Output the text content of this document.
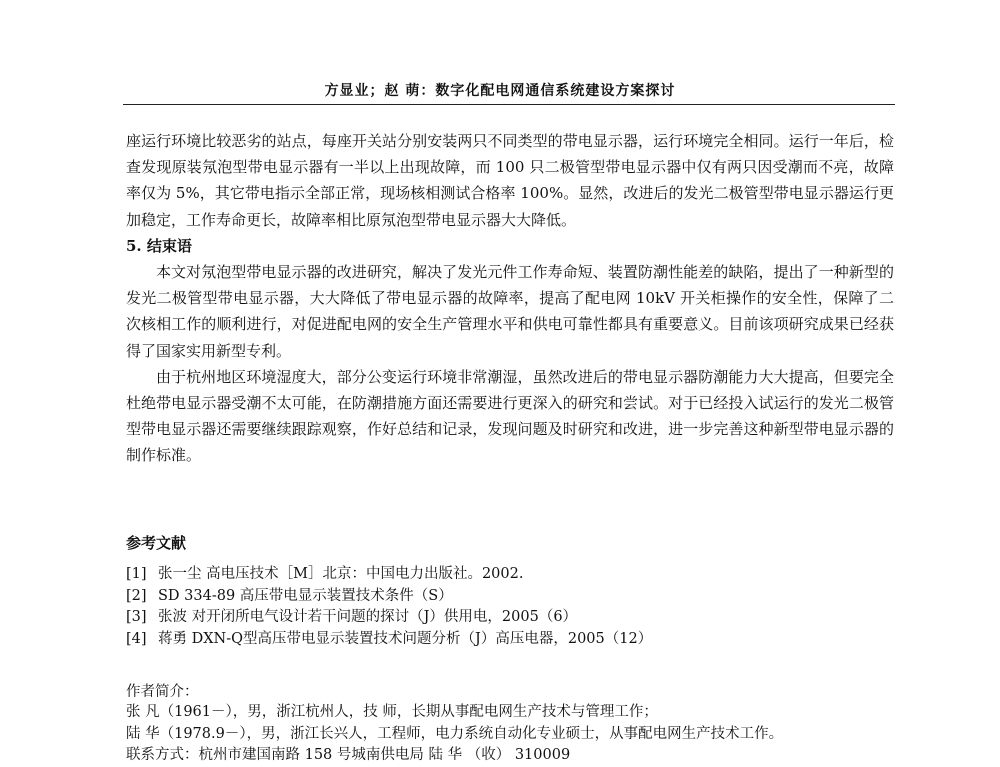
方显业；赵 萌：数字化配电网通信系统建设方案探讨

座运行环境比较恶劣的站点，每座开关站分别安装两只不同类型的带电显示器，运行环境完全相同。运行一年后，检查发现原装氖泡型带电显示器有一半以上出现故障，而 100 只二极管型带电显示器中仅有两只因受潮而不亮，故障率仅为 5%，其它带电指示全部正常，现场核相测试合格率 100%。显然，改进后的发光二极管型带电显示器运行更加稳定，工作寿命更长，故障率相比原氖泡型带电显示器大大降低。

5. 结束语

本文对氖泡型带电显示器的改进研究，解决了发光元件工作寿命短、装置防潮性能差的缺陷，提出了一种新型的发光二极管型带电显示器，大大降低了带电显示器的故障率，提高了配电网 10kV 开关柜操作的安全性，保障了二次核相工作的顺利进行，对促进配电网的安全生产管理水平和供电可靠性都具有重要意义。目前该项研究成果已经获得了国家实用新型专利。

由于杭州地区环境湿度大，部分公变运行环境非常潮湿，虽然改进后的带电显示器防潮能力大大提高，但要完全杜绝带电显示器受潮不太可能，在防潮措施方面还需要进行更深入的研究和尝试。对于已经投入试运行的发光二极管型带电显示器还需要继续跟踪观察，作好总结和记录，发现问题及时研究和改进，进一步完善这种新型带电显示器的制作标准。

参考文献
[1] 张一尘 高电压技术［M］北京：中国电力出版社。2002.
[2] SD 334-89 高压带电显示装置技术条件（S）
[3] 张波 对开闭所电气设计若干问题的探讨（J）供用电，2005（6）
[4] 蒋勇 DXN-Q型高压带电显示装置技术问题分析（J）高压电器，2005（12）
作者简介：

张 凡（1961－），男，浙江杭州人，技 师，长期从事配电网生产技术与管理工作；

陆 华（1978.9－），男，浙江长兴人，工程师，电力系统自动化专业硕士，从事配电网生产技术工作。

联系方式：杭州市建国南路 158 号城南供电局 陆 华 （收） 310009
